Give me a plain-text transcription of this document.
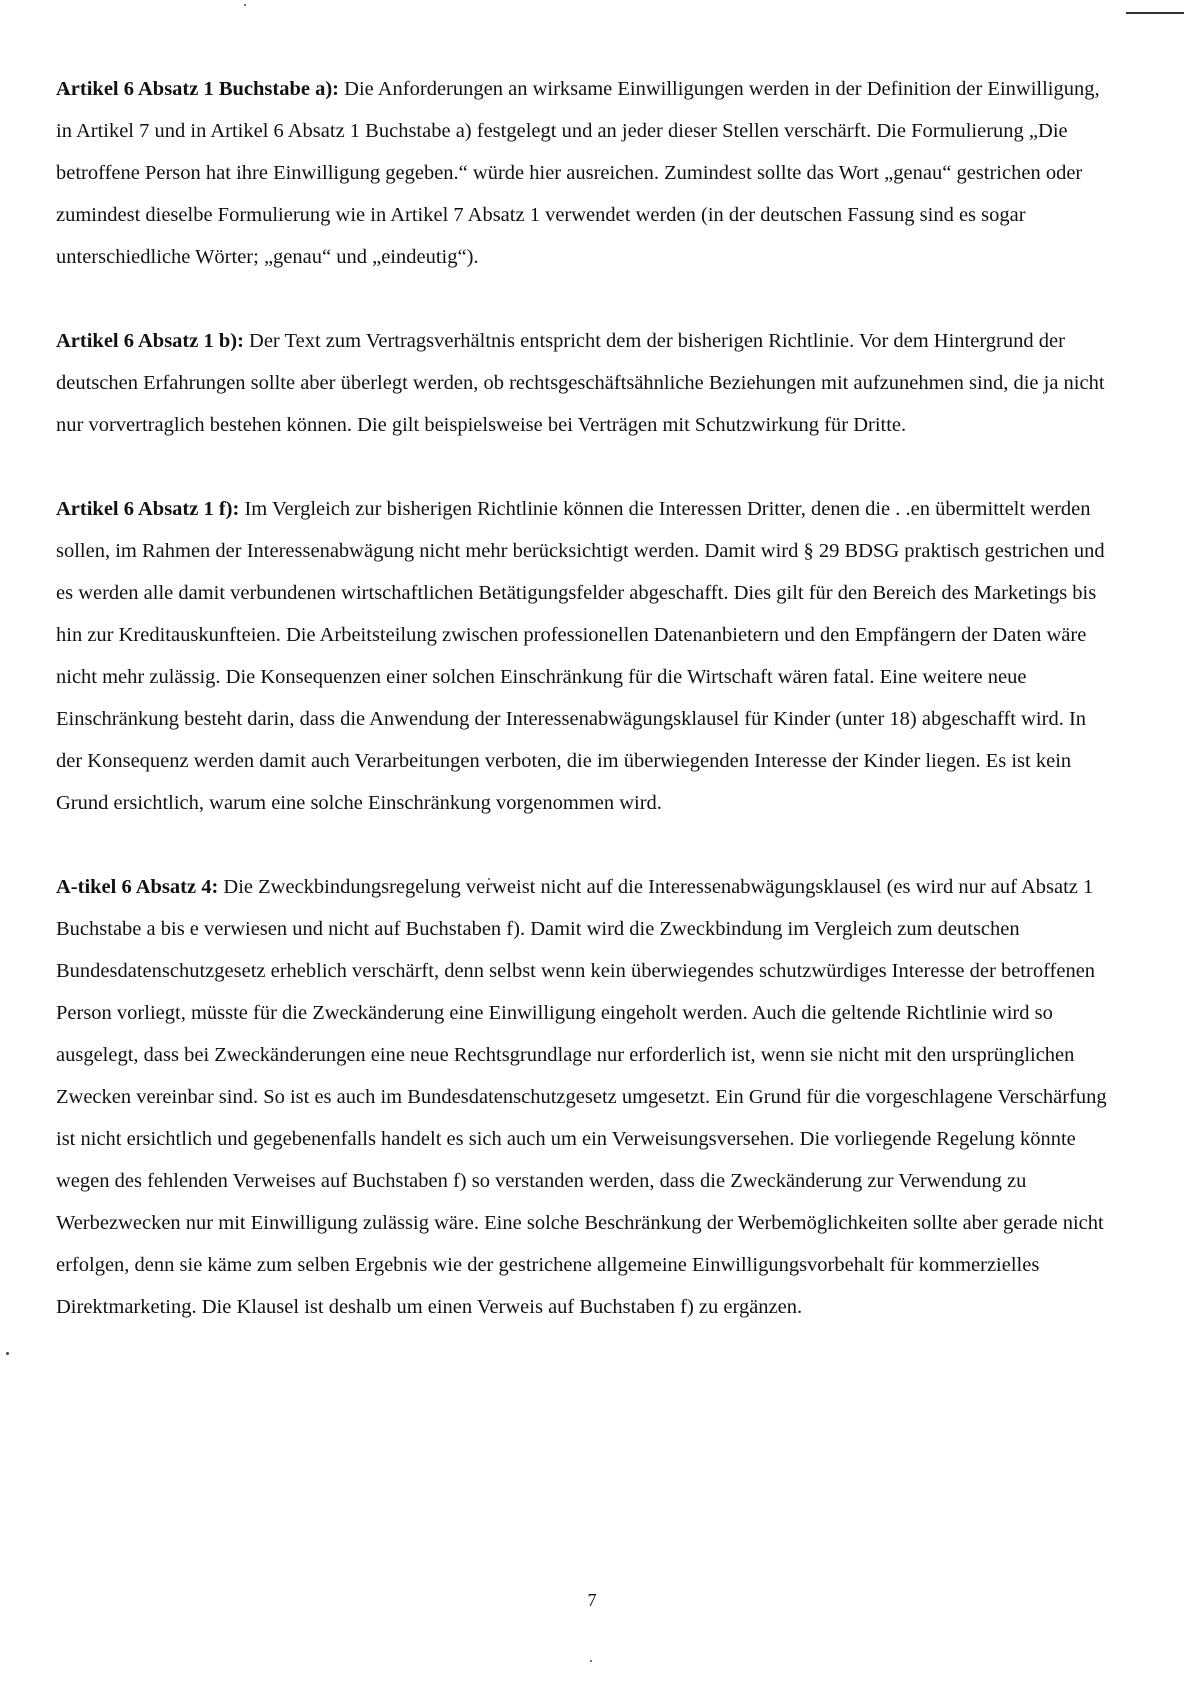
Artikel 6 Absatz 1 Buchstabe a): Die Anforderungen an wirksame Einwilligungen werden in der Definition der Einwilligung, in Artikel 7 und in Artikel 6 Absatz 1 Buchstabe a) festgelegt und an jeder dieser Stellen verschärft. Die Formulierung „Die betroffene Person hat ihre Einwilligung gegeben.“ würde hier ausreichen. Zumindest sollte das Wort „genau“ gestrichen oder zumindest dieselbe Formulierung wie in Artikel 7 Absatz 1 verwendet werden (in der deutschen Fassung sind es sogar unterschiedliche Wörter; „genau“ und „eindeutig“).

Artikel 6 Absatz 1 b): Der Text zum Vertragsverhältnis entspricht dem der bisherigen Richtlinie. Vor dem Hintergrund der deutschen Erfahrungen sollte aber überlegt werden, ob rechtsgeschäftsähnliche Beziehungen mit aufzunehmen sind, die ja nicht nur vorvertraglich bestehen können. Die gilt beispielsweise bei Verträgen mit Schutzwirkung für Dritte.

Artikel 6 Absatz 1 f): Im Vergleich zur bisherigen Richtlinie können die Interessen Dritter, denen die . .en übermittelt werden sollen, im Rahmen der Interessenabwägung nicht mehr berücksichtigt werden. Damit wird § 29 BDSG praktisch gestrichen und es werden alle damit verbundenen wirtschaftlichen Betätigungsfelder abgeschafft. Dies gilt für den Bereich des Marketings bis hin zur Kreditauskunfteien. Die Arbeitsteilung zwischen professionellen Datenanbietern und den Empfängern der Daten wäre nicht mehr zulässig. Die Konsequenzen einer solchen Einschränkung für die Wirtschaft wären fatal. Eine weitere neue Einschränkung besteht darin, dass die Anwendung der Interessenabwägungsklausel für Kinder (unter 18) abgeschafft wird. In der Konsequenz werden damit auch Verarbeitungen verboten, die im überwiegenden Interesse der Kinder liegen. Es ist kein Grund ersichtlich, warum eine solche Einschränkung vorgenommen wird.

A-tikel 6 Absatz 4: Die Zweckbindungsregelung verweist nicht auf die Interessenabwägungsklausel (es wird nur auf Absatz 1 Buchstabe a bis e verwiesen und nicht auf Buchstaben f). Damit wird die Zweckbindung im Vergleich zum deutschen Bundesdatenschutzgesetz erheblich verschärft, denn selbst wenn kein überwiegendes schutzwürdiges Interesse der betroffenen Person vorliegt, müsste für die Zweckänderung eine Einwilligung eingeholt werden. Auch die geltende Richtlinie wird so ausgelegt, dass bei Zweckänderungen eine neue Rechtsgrundlage nur erforderlich ist, wenn sie nicht mit den ursprünglichen Zwecken vereinbar sind. So ist es auch im Bundesdatenschutzgesetz umgesetzt. Ein Grund für die vorgeschlagene Verschärfung ist nicht ersichtlich und gegebenenfalls handelt es sich auch um ein Verweisungsversehen. Die vorliegende Regelung könnte wegen des fehlenden Verweises auf Buchstaben f) so verstanden werden, dass die Zweckänderung zur Verwendung zu Werbezwecken nur mit Einwilligung zulässig wäre. Eine solche Beschränkung der Werbemöglichkeiten sollte aber gerade nicht erfolgen, denn sie käme zum selben Ergebnis wie der gestrichene allgemeine Einwilligungsvorbehalt für kommerzielles Direktmarketing. Die Klausel ist deshalb um einen Verweis auf Buchstaben f) zu ergänzen.

7
